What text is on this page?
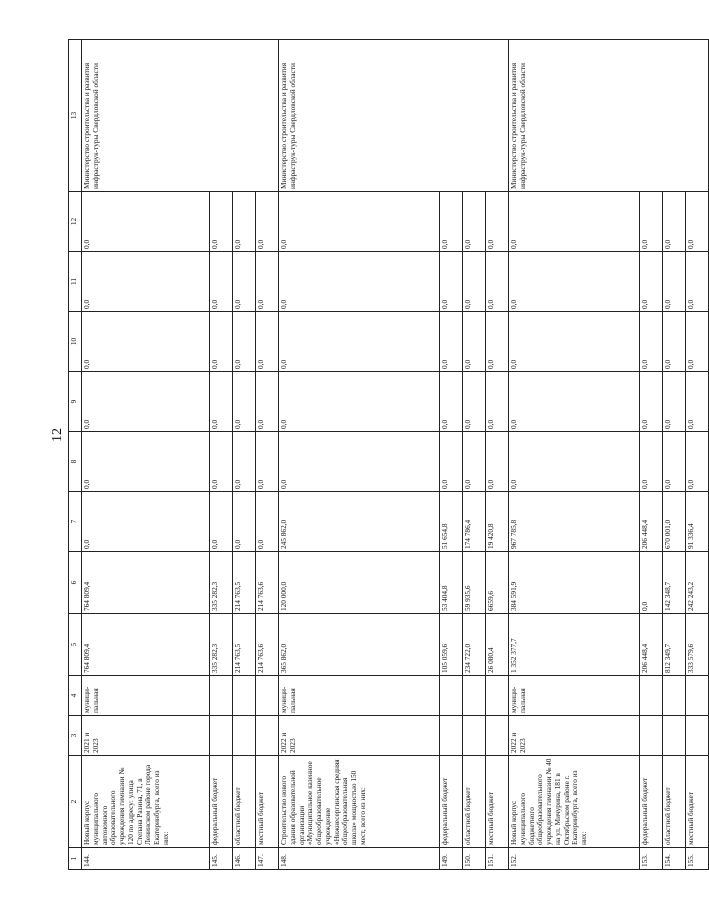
12
1	2	3	4	5	6	7	8	9	10	11	12	13
144.	Новый корпус муниципального автономного образовательного учреждения гимназии № 120 по адресу: улица Степана Разина, 71, в Ленинском районе города Екатеринбурга, всего из них:	2021 и 2023	муници-пальная	764 809,4	764 809,4	0,0	0,0	0,0	0,0	0,0	0,0	Министерство строительства и развития инфраструк-туры Свердловской области
145.	федеральный бюджет			335 282,3	335 282,3	0,0	0,0	0,0	0,0	0,0	0,0	
146.	областной бюджет			214 763,5	214 763,5	0,0	0,0	0,0	0,0	0,0	0,0	
147.	местный бюджет			214 763,6	214 763,6	0,0	0,0	0,0	0,0	0,0	0,0	
148.	Строительство нового здания образовательной организации «Муниципальное казенное общеобразовательное учреждение «Нижнесергинская средняя общеобразовательная школа» мощностью 150 мест, всего из них:	2022 и 2023	муници-пальная	365 862,0	120 000,0	245 862,0	0,0	0,0	0,0	0,0	0,0	Министерство строительства и развития инфраструк-туры Свердловской области
149.	федеральный бюджет			105 059,6	53 404,8	51 654,8	0,0	0,0	0,0	0,0	0,0	
150.	областной бюджет			234 722,0	59 935,6	174 786,4	0,0	0,0	0,0	0,0	0,0	
151.	местный бюджет			26 080,4	6659,6	19 420,8	0,0	0,0	0,0	0,0	0,0	
152.	Новый корпус муниципального бюджетного общеобразовательного учреждения гимназии № 40 на ул. Мичурина, 181 в Октябрьском районе г. Екатеринбурга, всего из них:	2022 и 2023	муници-пальная	1 352 377,7	384 591,9	967 785,8	0,0	0,0	0,0	0,0	0,0	Министерство строительства и развития инфраструк-туры Свердловской области
153.	федеральный бюджет			206 448,4	0,0	206 448,4	0,0	0,0	0,0	0,0	0,0	
154.	областной бюджет			812 349,7	142 348,7	670 001,0	0,0	0,0	0,0	0,0	0,0	
155.	местный бюджет			333 579,6	242 243,2	91 336,4	0,0	0,0	0,0	0,0	0,0	
